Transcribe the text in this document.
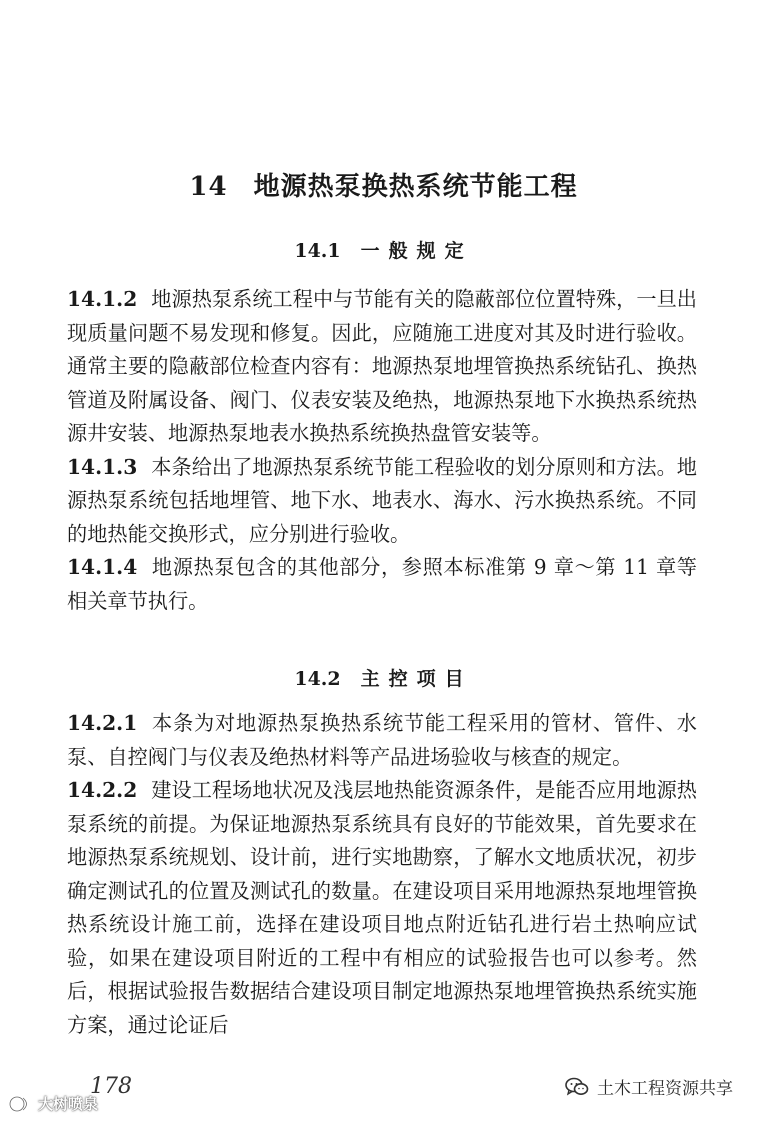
14 地源热泵换热系统节能工程
14.1 一般规定

14.1.2 地源热泵系统工程中与节能有关的隐蔽部位位置特殊，一旦出现质量问题不易发现和修复。因此，应随施工进度对其及时进行验收。通常主要的隐蔽部位检查内容有：地源热泵地埋管换热系统钻孔、换热管道及附属设备、阀门、仪表安装及绝热，地源热泵地下水换热系统热源井安装、地源热泵地表水换热系统换热盘管安装等。

14.1.3 本条给出了地源热泵系统节能工程验收的划分原则和方法。地源热泵系统包括地埋管、地下水、地表水、海水、污水换热系统。不同的地热能交换形式，应分别进行验收。

14.1.4 地源热泵包含的其他部分，参照本标准第 9 章～第 11 章等相关章节执行。

14.2 主控项目

14.2.1 本条为对地源热泵换热系统节能工程采用的管材、管件、水泵、自控阀门与仪表及绝热材料等产品进场验收与核查的规定。

14.2.2 建设工程场地状况及浅层地热能资源条件，是能否应用地源热泵系统的前提。为保证地源热泵系统具有良好的节能效果，首先要求在地源热泵系统规划、设计前，进行实地勘察，了解水文地质状况，初步确定测试孔的位置及测试孔的数量。在建设项目采用地源热泵地埋管换热系统设计施工前，选择在建设项目地点附近钻孔进行岩土热响应试验，如果在建设项目附近的工程中有相应的试验报告也可以参考。然后，根据试验报告数据结合建设项目制定地源热泵地埋管换热系统实施方案，通过论证后

178
大树喷泉
土木工程资源共享
